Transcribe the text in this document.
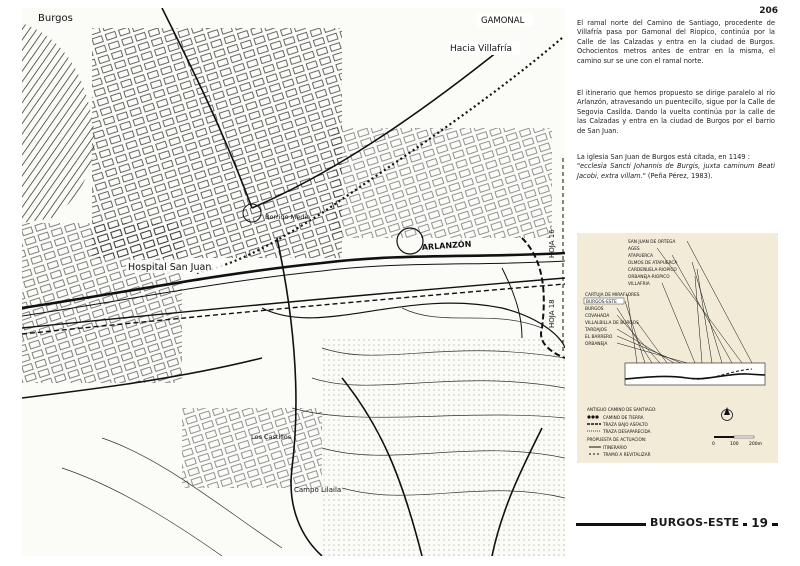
Burgos	GAMONAL
Hacia Villafría
Hospital San Juan
ARLANZÓN
Borriqo Media
HOJA 16
HOJA 18
Los Castillos
Campo Lilaila
206
El ramal norte del Camino de Santiago, procedente de Villafría pasa por Gamonal del Riopico, continúa por la Calle de las Calzadas y entra en la ciudad de Burgos. Ochocientos metros antes de entrar en la misma, el camino sur se une con el ramal norte.
El itinerario que hemos propuesto se dirige paralelo al río Arlanzón, atravesando un puentecillo, sigue por la Calle de Segovia Casilda. Dando la vuelta continúa por la calle de las Calzadas y entra en la ciudad de Burgos por el barrio de San Juan.
La iglesia San Juan de Burgos está citada, en 1149 :
"ecclesia Sancti Johannis de Burgis, juxta caminum Beati Jacobi, extra villam." (Peña Pérez, 1983).
SAN JUAN DE ORTEGA
AGES
ATAPUERCA
OLMOS DE ATAPUERCA
CARDEÑUELA-RIOPICO
ORBANEJA-RIOPICO
VILLAFRIA
CARTUJA DE MIRAFLORES
BURGOS-ESTE
BURGOS
COVAHADA
VILLALBILLA DE BURGOS
TARDAJOS
EL BARRERO
ORBANEJA
0	100 200m
ANTIGUO CAMINO DE SANTIAGO:
CAMINO DE TIERRA
TRAZA BAJO ASFALTO
TRAZA DESAPARECIDA
PROPUESTA DE ACTUACION:
ITINERARIO
TRAMO A REVITALIZAR
BURGOS-ESTE 19
